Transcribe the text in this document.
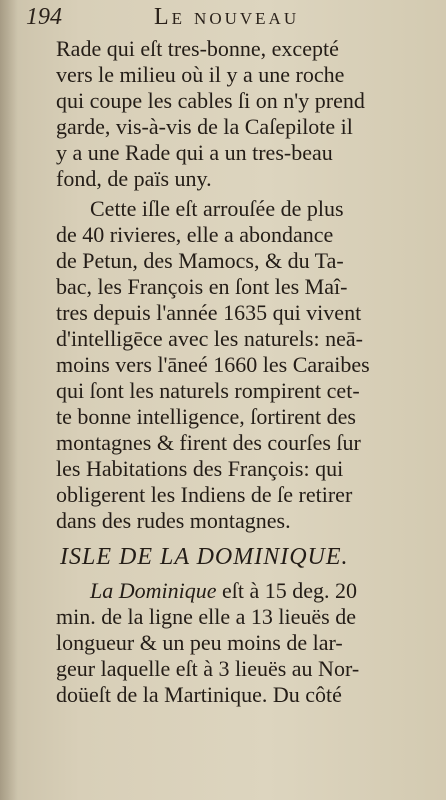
194	Le nouveau
Rade qui eſt tres-bonne, excepté
vers le milieu où il y a une roche
qui coupe les cables ſi on n'y prend
garde, vis-à-vis de la Caſepilote il
y a une Rade qui a un tres-beau
fond, de païs uny.
Cette iſle eſt arrouſée de plus
de 40 rivieres, elle a abondance
de Petun, des Mamocs, & du Ta-
bac, les François en ſont les Maî-
tres depuis l'année 1635 qui vivent
d'intelligēce avec les naturels: neā-
moins vers l'āneé 1660 les Caraibes
qui ſont les naturels rompirent cet-
te bonne intelligence, ſortirent des
montagnes & firent des courſes ſur
les Habitations des François: qui
obligerent les Indiens de ſe retirer
dans des rudes montagnes.
ISLE DE LA DOMINIQUE.
La Dominique eſt à 15 deg. 20
min. de la ligne elle a 13 lieuës de
longueur & un peu moins de lar-
geur laquelle eſt à 3 lieuës au Nor-
doüeſt de la Martinique. Du côté
